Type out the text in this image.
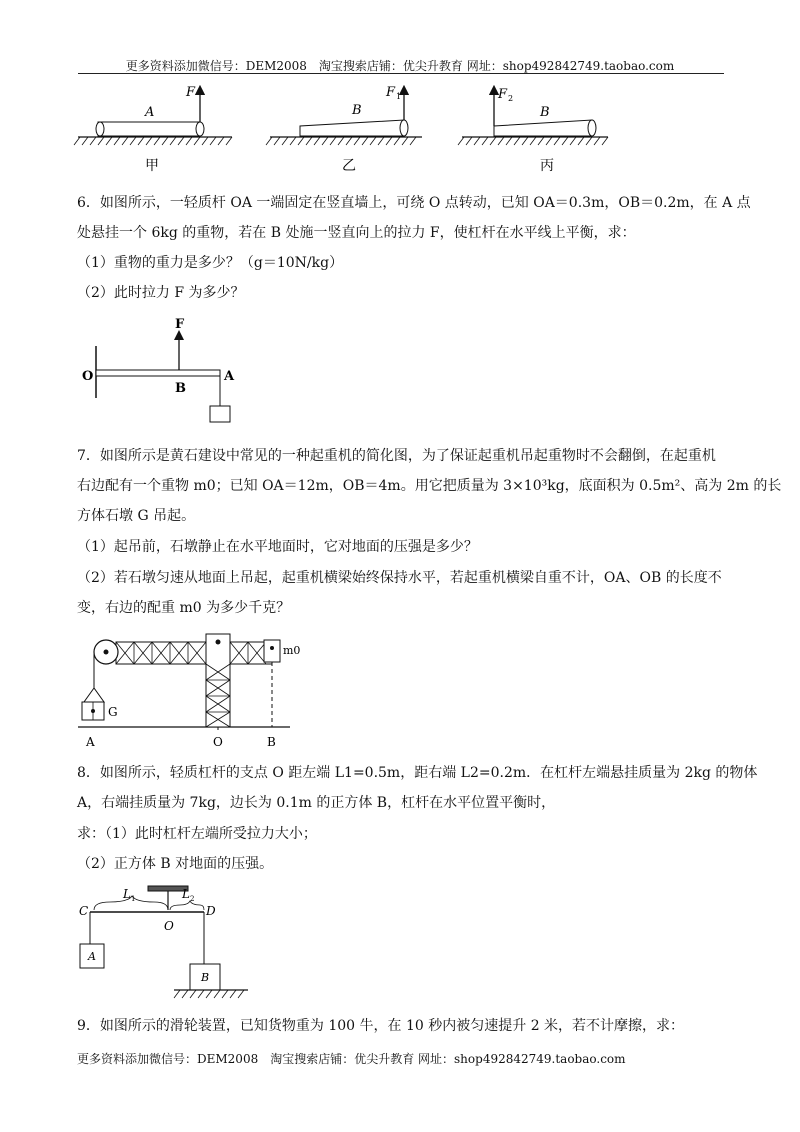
更多资料添加微信号：DEM2008　淘宝搜索店铺：优尖升教育 网址：shop492842749.taobao.com
A
F
甲
B
F 1
乙
B
F 2
丙
6．如图所示，一轻质杆 OA 一端固定在竖直墙上，可绕 O 点转动，已知 OA＝0.3m，OB＝0.2m，在 A 点
处悬挂一个 6kg 的重物，若在 B 处施一竖直向上的拉力 F，使杠杆在水平线上平衡，求：
（1）重物的重力是多少？（g＝10N/kg）
（2）此时拉力 F 为多少？
O
B
A
F
7．如图所示是黄石建设中常见的一种起重机的简化图，为了保证起重机吊起重物时不会翻倒，在起重机
右边配有一个重物 m0；已知 OA＝12m，OB＝4m。用它把质量为 3×10³kg，底面积为 0.5m²、高为 2m 的长
方体石墩 G 吊起。
（1）起吊前，石墩静止在水平地面时，它对地面的压强是多少？
（2）若石墩匀速从地面上吊起，起重机横梁始终保持水平，若起重机横梁自重不计，OA、OB 的长度不
变，右边的配重 m0 为多少千克？
A	O	B
G
m0
8．如图所示，轻质杠杆的支点 O 距左端 L1=0.5m，距右端 L2=0.2m．在杠杆左端悬挂质量为 2kg 的物体
A，右端挂质量为 7kg，边长为 0.1m 的正方体 B，杠杆在水平位置平衡时，
求：（1）此时杠杆左端所受拉力大小；
（2）正方体 B 对地面的压强。
C	D
O
L 1	L 2
A
B
9．如图所示的滑轮装置，已知货物重为 100 牛，在 10 秒内被匀速提升 2 米，若不计摩擦，求：
更多资料添加微信号：DEM2008　淘宝搜索店铺：优尖升教育 网址：shop492842749.taobao.com
